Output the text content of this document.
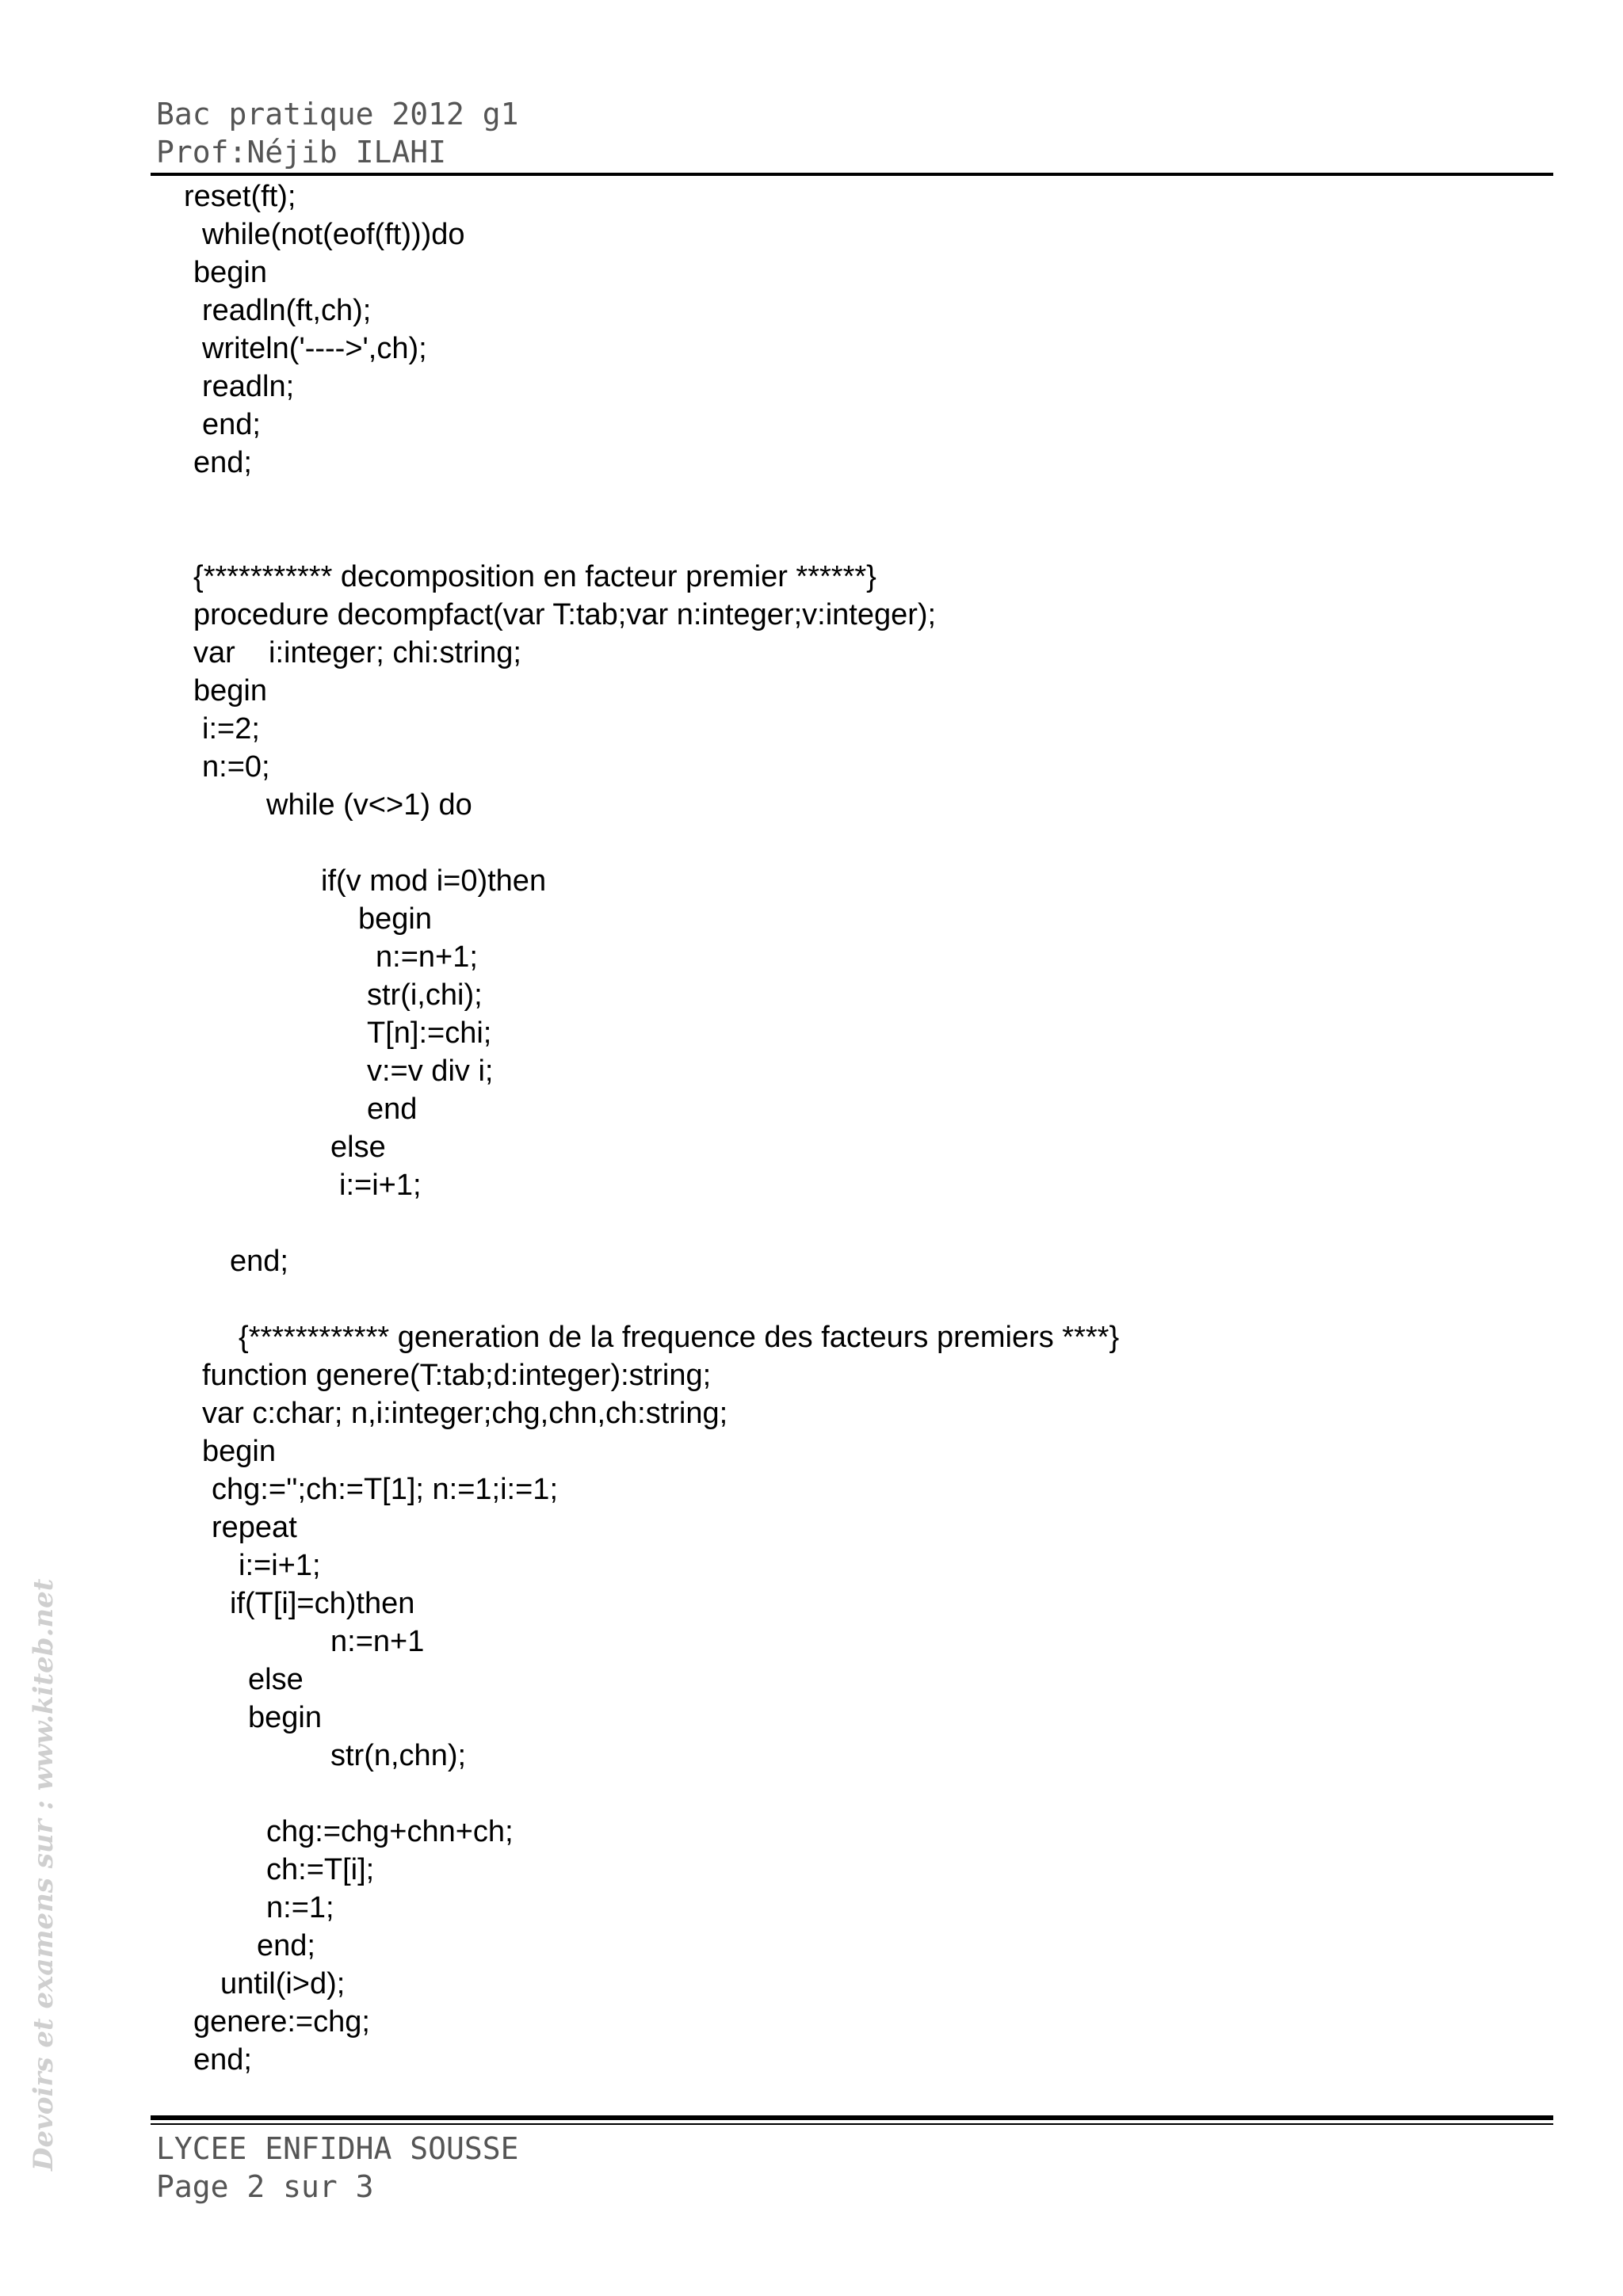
Bac pratique 2012 g1
Prof:Néjib ILAHI
reset(ft);
while(not(eof(ft)))do
begin
readln(ft,ch);
writeln('---->',ch);
readln;
end;
end;
{*********** decomposition en facteur premier ******}
procedure decompfact(var T:tab;var n:integer;v:integer);
var    i:integer; chi:string;
begin
i:=2;
n:=0;
while (v<>1) do
if(v mod i=0)then
begin
n:=n+1;
str(i,chi);
T[n]:=chi;
v:=v div i;
end
else
i:=i+1;
end;
{************ generation de la frequence des facteurs premiers ****}
function genere(T:tab;d:integer):string;
var c:char; n,i:integer;chg,chn,ch:string;
begin
chg:='';ch:=T[1]; n:=1;i:=1;
repeat
i:=i+1;
if(T[i]=ch)then
n:=n+1
else
begin
str(n,chn);
chg:=chg+chn+ch;
ch:=T[i];
n:=1;
end;
until(i>d);
genere:=chg;
end;
LYCEE ENFIDHA SOUSSE
Page 2 sur 3
Devoirs et examens sur : www.kiteb.net
